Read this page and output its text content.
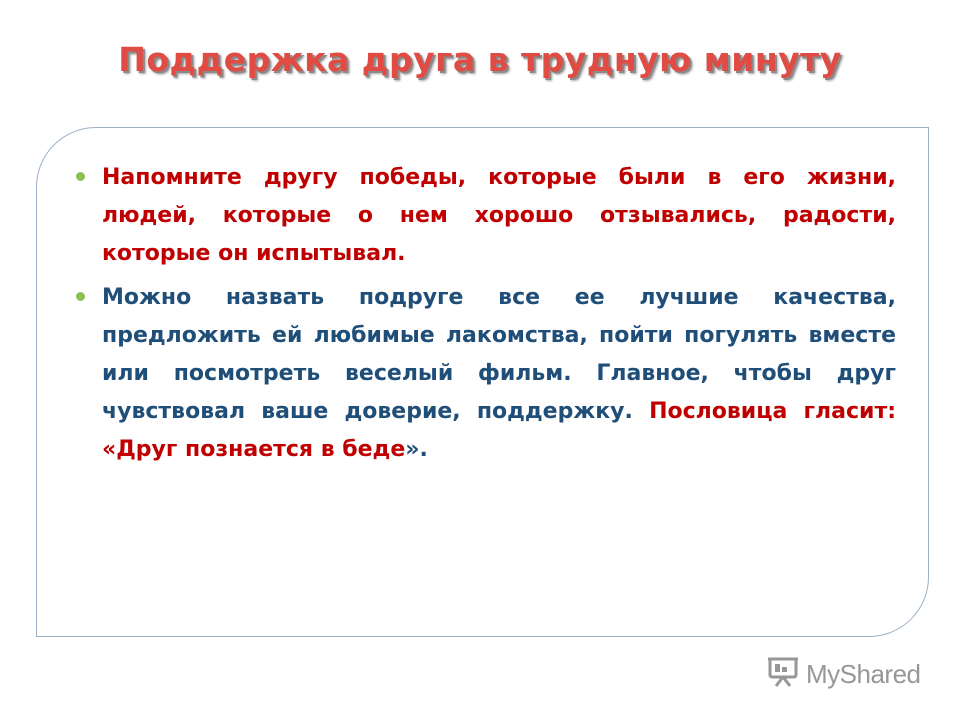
Поддержка друга в трудную минуту
Напомните другу победы, которые были в его жизни, людей, которые о нем хорошо отзывались, радости, которые он испытывал.
Можно назвать подруге все ее лучшие качества, предложить ей любимые лакомства, пойти погулять вместе или посмотреть веселый фильм. Главное, чтобы друг чувствовал ваше доверие, поддержку. Пословица гласит: «Друг познается в беде».
MyShared
